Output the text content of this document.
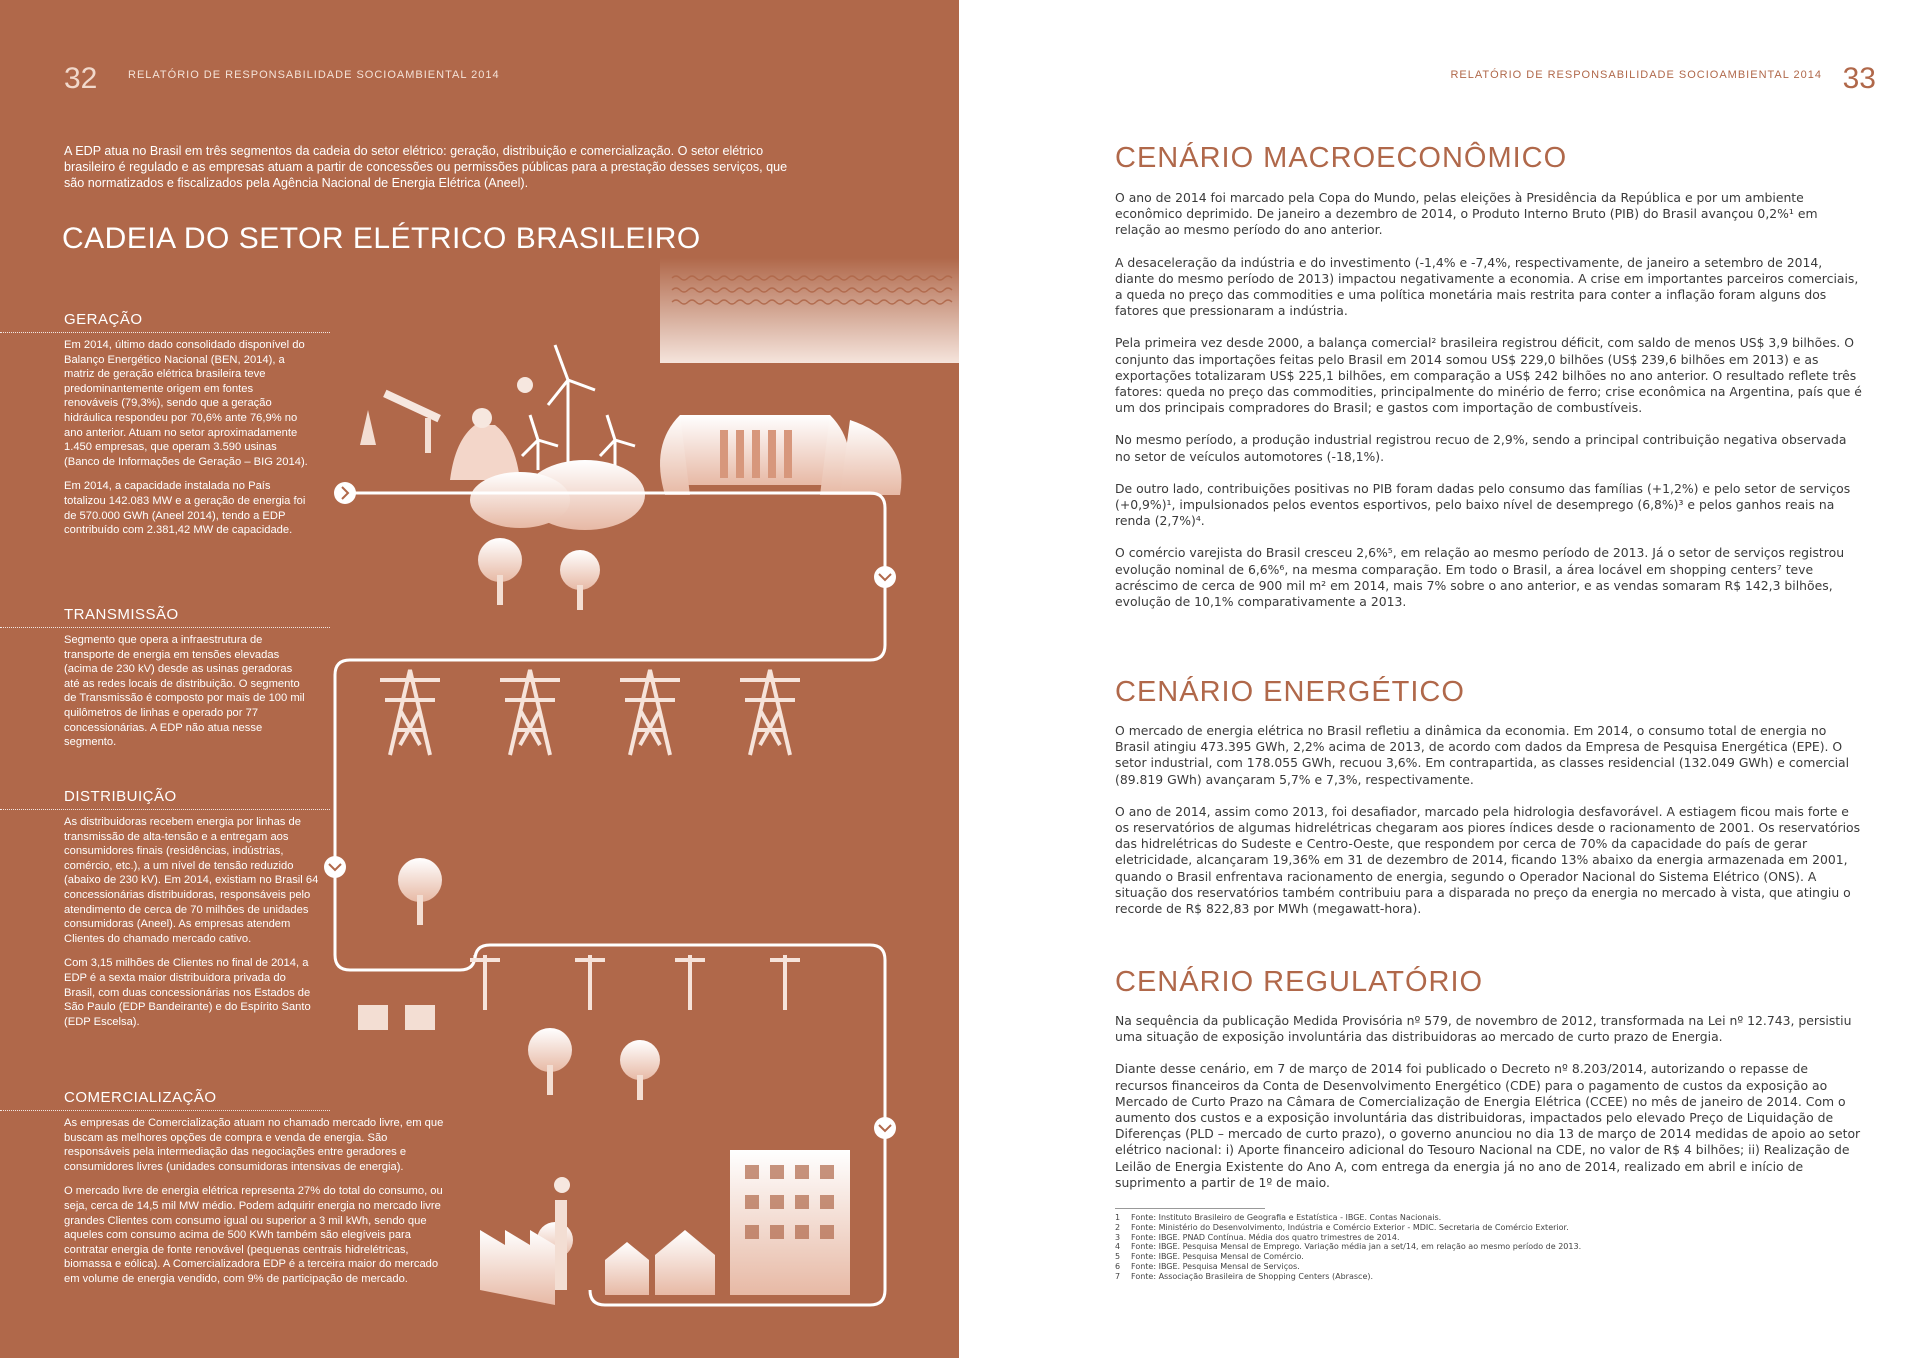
32	RELATÓRIO DE RESPONSABILIDADE SOCIOAMBIENTAL 2014
A EDP atua no Brasil em três segmentos da cadeia do setor elétrico: geração, distribuição e comercialização. O setor elétrico brasileiro é regulado e as empresas atuam a partir de concessões ou permissões públicas para a prestação desses serviços, que são normatizados e fiscalizados pela Agência Nacional de Energia Elétrica (Aneel).
CADEIA DO SETOR ELÉTRICO BRASILEIRO
GERAÇÃO

Em 2014, último dado consolidado disponível do Balanço Energético Nacional (BEN, 2014), a matriz de geração elétrica brasileira teve predominantemente origem em fontes renováveis (79,3%), sendo que a geração hidráulica respondeu por 70,6% ante 76,9% no ano anterior. Atuam no setor aproximadamente 1.450 empresas, que operam 3.590 usinas (Banco de Informações de Geração – BIG 2014).

Em 2014, a capacidade instalada no País totalizou 142.083 MW e a geração de energia foi de 570.000 GWh (Aneel 2014), tendo a EDP contribuído com 2.381,42 MW de capacidade.

TRANSMISSÃO

Segmento que opera a infraestrutura de transporte de energia em tensões elevadas (acima de 230 kV) desde as usinas geradoras até as redes locais de distribuição. O segmento de Transmissão é composto por mais de 100 mil quilômetros de linhas e operado por 77 concessionárias. A EDP não atua nesse segmento.

DISTRIBUIÇÃO

As distribuidoras recebem energia por linhas de transmissão de alta-tensão e a entregam aos consumidores finais (residências, indústrias, comércio, etc.), a um nível de tensão reduzido (abaixo de 230 kV). Em 2014, existiam no Brasil 64 concessionárias distribuidoras, responsáveis pelo atendimento de cerca de 70 milhões de unidades consumidoras (Aneel). As empresas atendem Clientes do chamado mercado cativo.

Com 3,15 milhões de Clientes no final de 2014, a EDP é a sexta maior distribuidora privada do Brasil, com duas concessionárias nos Estados de São Paulo (EDP Bandeirante) e do Espírito Santo (EDP Escelsa).

COMERCIALIZAÇÃO

As empresas de Comercialização atuam no chamado mercado livre, em que buscam as melhores opções de compra e venda de energia. São responsáveis pela intermediação das negociações entre geradores e consumidores livres (unidades consumidoras intensivas de energia).

O mercado livre de energia elétrica representa 27% do total do consumo, ou seja, cerca de 14,5 mil MW médio. Podem adquirir energia no mercado livre grandes Clientes com consumo igual ou superior a 3 mil kWh, sendo que aqueles com consumo acima de 500 KWh também são elegíveis para contratar energia de fonte renovável (pequenas centrais hidrelétricas, biomassa e eólica). A Comercializadora EDP é a terceira maior do mercado em volume de energia vendido, com 9% de participação de mercado.

RELATÓRIO DE RESPONSABILIDADE SOCIOAMBIENTAL 2014 33
CENÁRIO MACROECONÔMICO

O ano de 2014 foi marcado pela Copa do Mundo, pelas eleições à Presidência da República e por um ambiente econômico deprimido. De janeiro a dezembro de 2014, o Produto Interno Bruto (PIB) do Brasil avançou 0,2%¹ em relação ao mesmo período do ano anterior.

A desaceleração da indústria e do investimento (-1,4% e -7,4%, respectivamente, de janeiro a setembro de 2014, diante do mesmo período de 2013) impactou negativamente a economia. A crise em importantes parceiros comerciais, a queda no preço das commodities e uma política monetária mais restrita para conter a inflação foram alguns dos fatores que pressionaram a indústria.

Pela primeira vez desde 2000, a balança comercial² brasileira registrou déficit, com saldo de menos US$ 3,9 bilhões. O conjunto das importações feitas pelo Brasil em 2014 somou US$ 229,0 bilhões (US$ 239,6 bilhões em 2013) e as exportações totalizaram US$ 225,1 bilhões, em comparação a US$ 242 bilhões no ano anterior. O resultado reflete três fatores: queda no preço das commodities, principalmente do minério de ferro; crise econômica na Argentina, país que é um dos principais compradores do Brasil; e gastos com importação de combustíveis.

No mesmo período, a produção industrial registrou recuo de 2,9%, sendo a principal contribuição negativa observada no setor de veículos automotores (-18,1%).

De outro lado, contribuições positivas no PIB foram dadas pelo consumo das famílias (+1,2%) e pelo setor de serviços (+0,9%)¹, impulsionados pelos eventos esportivos, pelo baixo nível de desemprego (6,8%)³ e pelos ganhos reais na renda (2,7%)⁴.

O comércio varejista do Brasil cresceu 2,6%⁵, em relação ao mesmo período de 2013. Já o setor de serviços registrou evolução nominal de 6,6%⁶, na mesma comparação. Em todo o Brasil, a área locável em shopping centers⁷ teve acréscimo de cerca de 900 mil m² em 2014, mais 7% sobre o ano anterior, e as vendas somaram R$ 142,3 bilhões, evolução de 10,1% comparativamente a 2013.

CENÁRIO ENERGÉTICO

O mercado de energia elétrica no Brasil refletiu a dinâmica da economia. Em 2014, o consumo total de energia no Brasil atingiu 473.395 GWh, 2,2% acima de 2013, de acordo com dados da Empresa de Pesquisa Energética (EPE). O setor industrial, com 178.055 GWh, recuou 3,6%. Em contrapartida, as classes residencial (132.049 GWh) e comercial (89.819 GWh) avançaram 5,7% e 7,3%, respectivamente.

O ano de 2014, assim como 2013, foi desafiador, marcado pela hidrologia desfavorável. A estiagem ficou mais forte e os reservatórios de algumas hidrelétricas chegaram aos piores índices desde o racionamento de 2001. Os reservatórios das hidrelétricas do Sudeste e Centro-Oeste, que respondem por cerca de 70% da capacidade do país de gerar eletricidade, alcançaram 19,36% em 31 de dezembro de 2014, ficando 13% abaixo da energia armazenada em 2001, quando o Brasil enfrentava racionamento de energia, segundo o Operador Nacional do Sistema Elétrico (ONS). A situação dos reservatórios também contribuiu para a disparada no preço da energia no mercado à vista, que atingiu o recorde de R$ 822,83 por MWh (megawatt-hora).

CENÁRIO REGULATÓRIO

Na sequência da publicação Medida Provisória nº 579, de novembro de 2012, transformada na Lei nº 12.743, persistiu uma situação de exposição involuntária das distribuidoras ao mercado de curto prazo de Energia.

Diante desse cenário, em 7 de março de 2014 foi publicado o Decreto nº 8.203/2014, autorizando o repasse de recursos financeiros da Conta de Desenvolvimento Energético (CDE) para o pagamento de custos da exposição ao Mercado de Curto Prazo na Câmara de Comercialização de Energia Elétrica (CCEE) no mês de janeiro de 2014. Com o aumento dos custos e a exposição involuntária das distribuidoras, impactados pelo elevado Preço de Liquidação de Diferenças (PLD – mercado de curto prazo), o governo anunciou no dia 13 de março de 2014 medidas de apoio ao setor elétrico nacional: i) Aporte financeiro adicional do Tesouro Nacional na CDE, no valor de R$ 4 bilhões; ii) Realização de Leilão de Energia Existente do Ano A, com entrega da energia já no ano de 2014, realizado em abril e início de suprimento a partir de 1º de maio.

1	Fonte: Instituto Brasileiro de Geografia e Estatística - IBGE. Contas Nacionais.
2	Fonte: Ministério do Desenvolvimento, Indústria e Comércio Exterior - MDIC. Secretaria de Comércio Exterior.
3	Fonte: IBGE. PNAD Contínua. Média dos quatro trimestres de 2014.
4	Fonte: IBGE. Pesquisa Mensal de Emprego. Variação média jan a set/14, em relação ao mesmo período de 2013.
5	Fonte: IBGE. Pesquisa Mensal de Comércio.
6	Fonte: IBGE. Pesquisa Mensal de Serviços.
7	Fonte: Associação Brasileira de Shopping Centers (Abrasce).
